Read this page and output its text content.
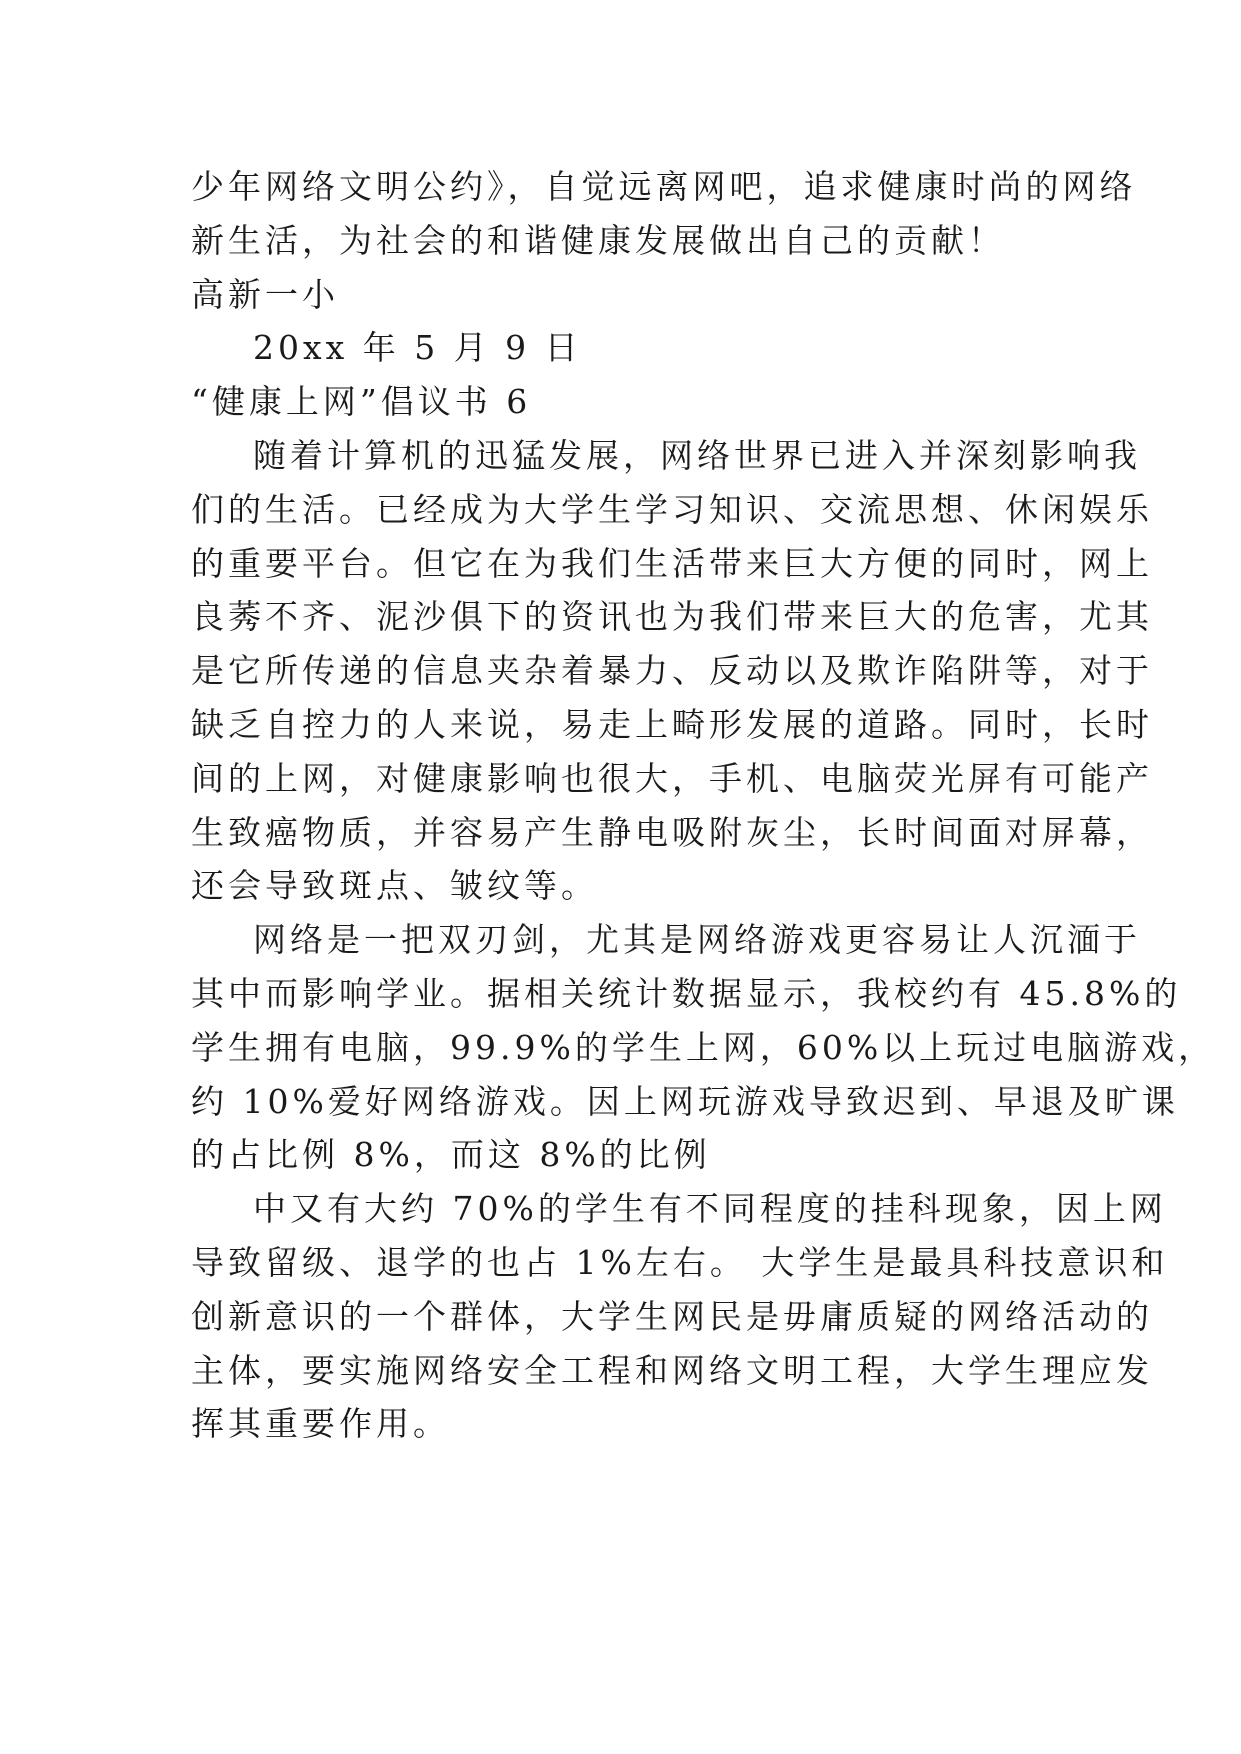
少年网络文明公约》，自觉远离网吧，追求健康时尚的网络
新生活，为社会的和谐健康发展做出自己的贡献！
高新一小
20xx 年 5 月 9 日
“健康上网”倡议书 6
随着计算机的迅猛发展，网络世界已进入并深刻影响我
们的生活。已经成为大学生学习知识、交流思想、休闲娱乐
的重要平台。但它在为我们生活带来巨大方便的同时，网上
良莠不齐、泥沙俱下的资讯也为我们带来巨大的危害，尤其
是它所传递的信息夹杂着暴力、反动以及欺诈陷阱等，对于
缺乏自控力的人来说，易走上畸形发展的道路。同时，长时
间的上网，对健康影响也很大，手机、电脑荧光屏有可能产
生致癌物质，并容易产生静电吸附灰尘，长时间面对屏幕，
还会导致斑点、皱纹等。
网络是一把双刃剑，尤其是网络游戏更容易让人沉湎于
其中而影响学业。据相关统计数据显示，我校约有 45.8%的
学生拥有电脑，99.9%的学生上网，60%以上玩过电脑游戏，
约 10%爱好网络游戏。因上网玩游戏导致迟到、早退及旷课
的占比例 8%，而这 8%的比例
中又有大约 70%的学生有不同程度的挂科现象，因上网
导致留级、退学的也占 1%左右。 大学生是最具科技意识和
创新意识的一个群体，大学生网民是毋庸质疑的网络活动的
主体，要实施网络安全工程和网络文明工程，大学生理应发
挥其重要作用。
